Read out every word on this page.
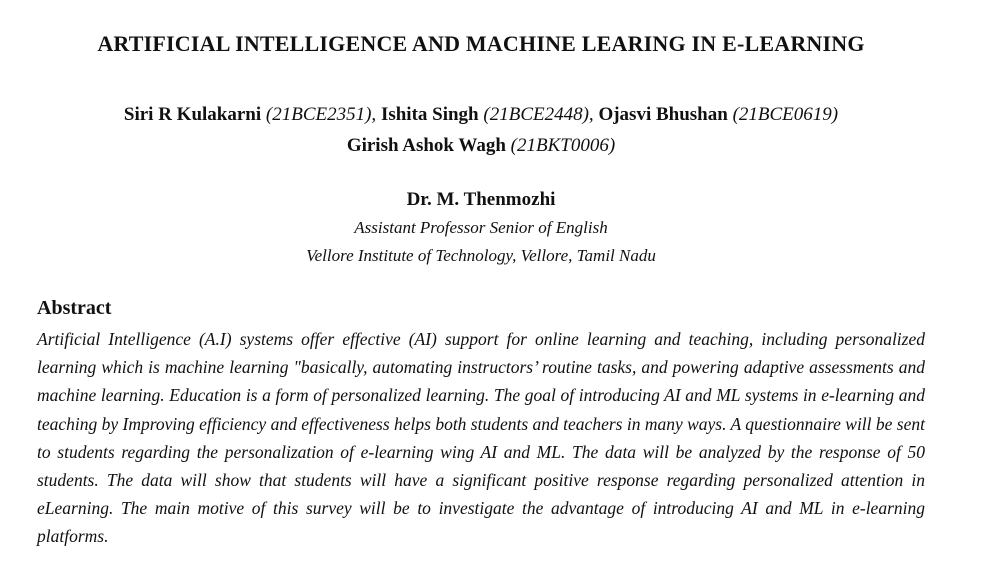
ARTIFICIAL INTELLIGENCE AND MACHINE LEARING IN E-LEARNING
Siri R Kulakarni (21BCE2351), Ishita Singh (21BCE2448), Ojasvi Bhushan (21BCE0619)
Girish Ashok Wagh (21BKT0006)
Dr. M. Thenmozhi
Assistant Professor Senior of English
Vellore Institute of Technology, Vellore, Tamil Nadu
Abstract
Artificial Intelligence (A.I) systems offer effective (AI) support for online learning and teaching, including personalized learning which is machine learning "basically, automating instructors’ routine tasks, and powering adaptive assessments and machine learning. Education is a form of personalized learning. The goal of introducing AI and ML systems in e-learning and teaching by Improving efficiency and effectiveness helps both students and teachers in many ways. A questionnaire will be sent to students regarding the personalization of e-learning wing AI and ML. The data will be analyzed by the response of 50 students. The data will show that students will have a significant positive response regarding personalized attention in eLearning. The main motive of this survey will be to investigate the advantage of introducing AI and ML in e-learning platforms.
